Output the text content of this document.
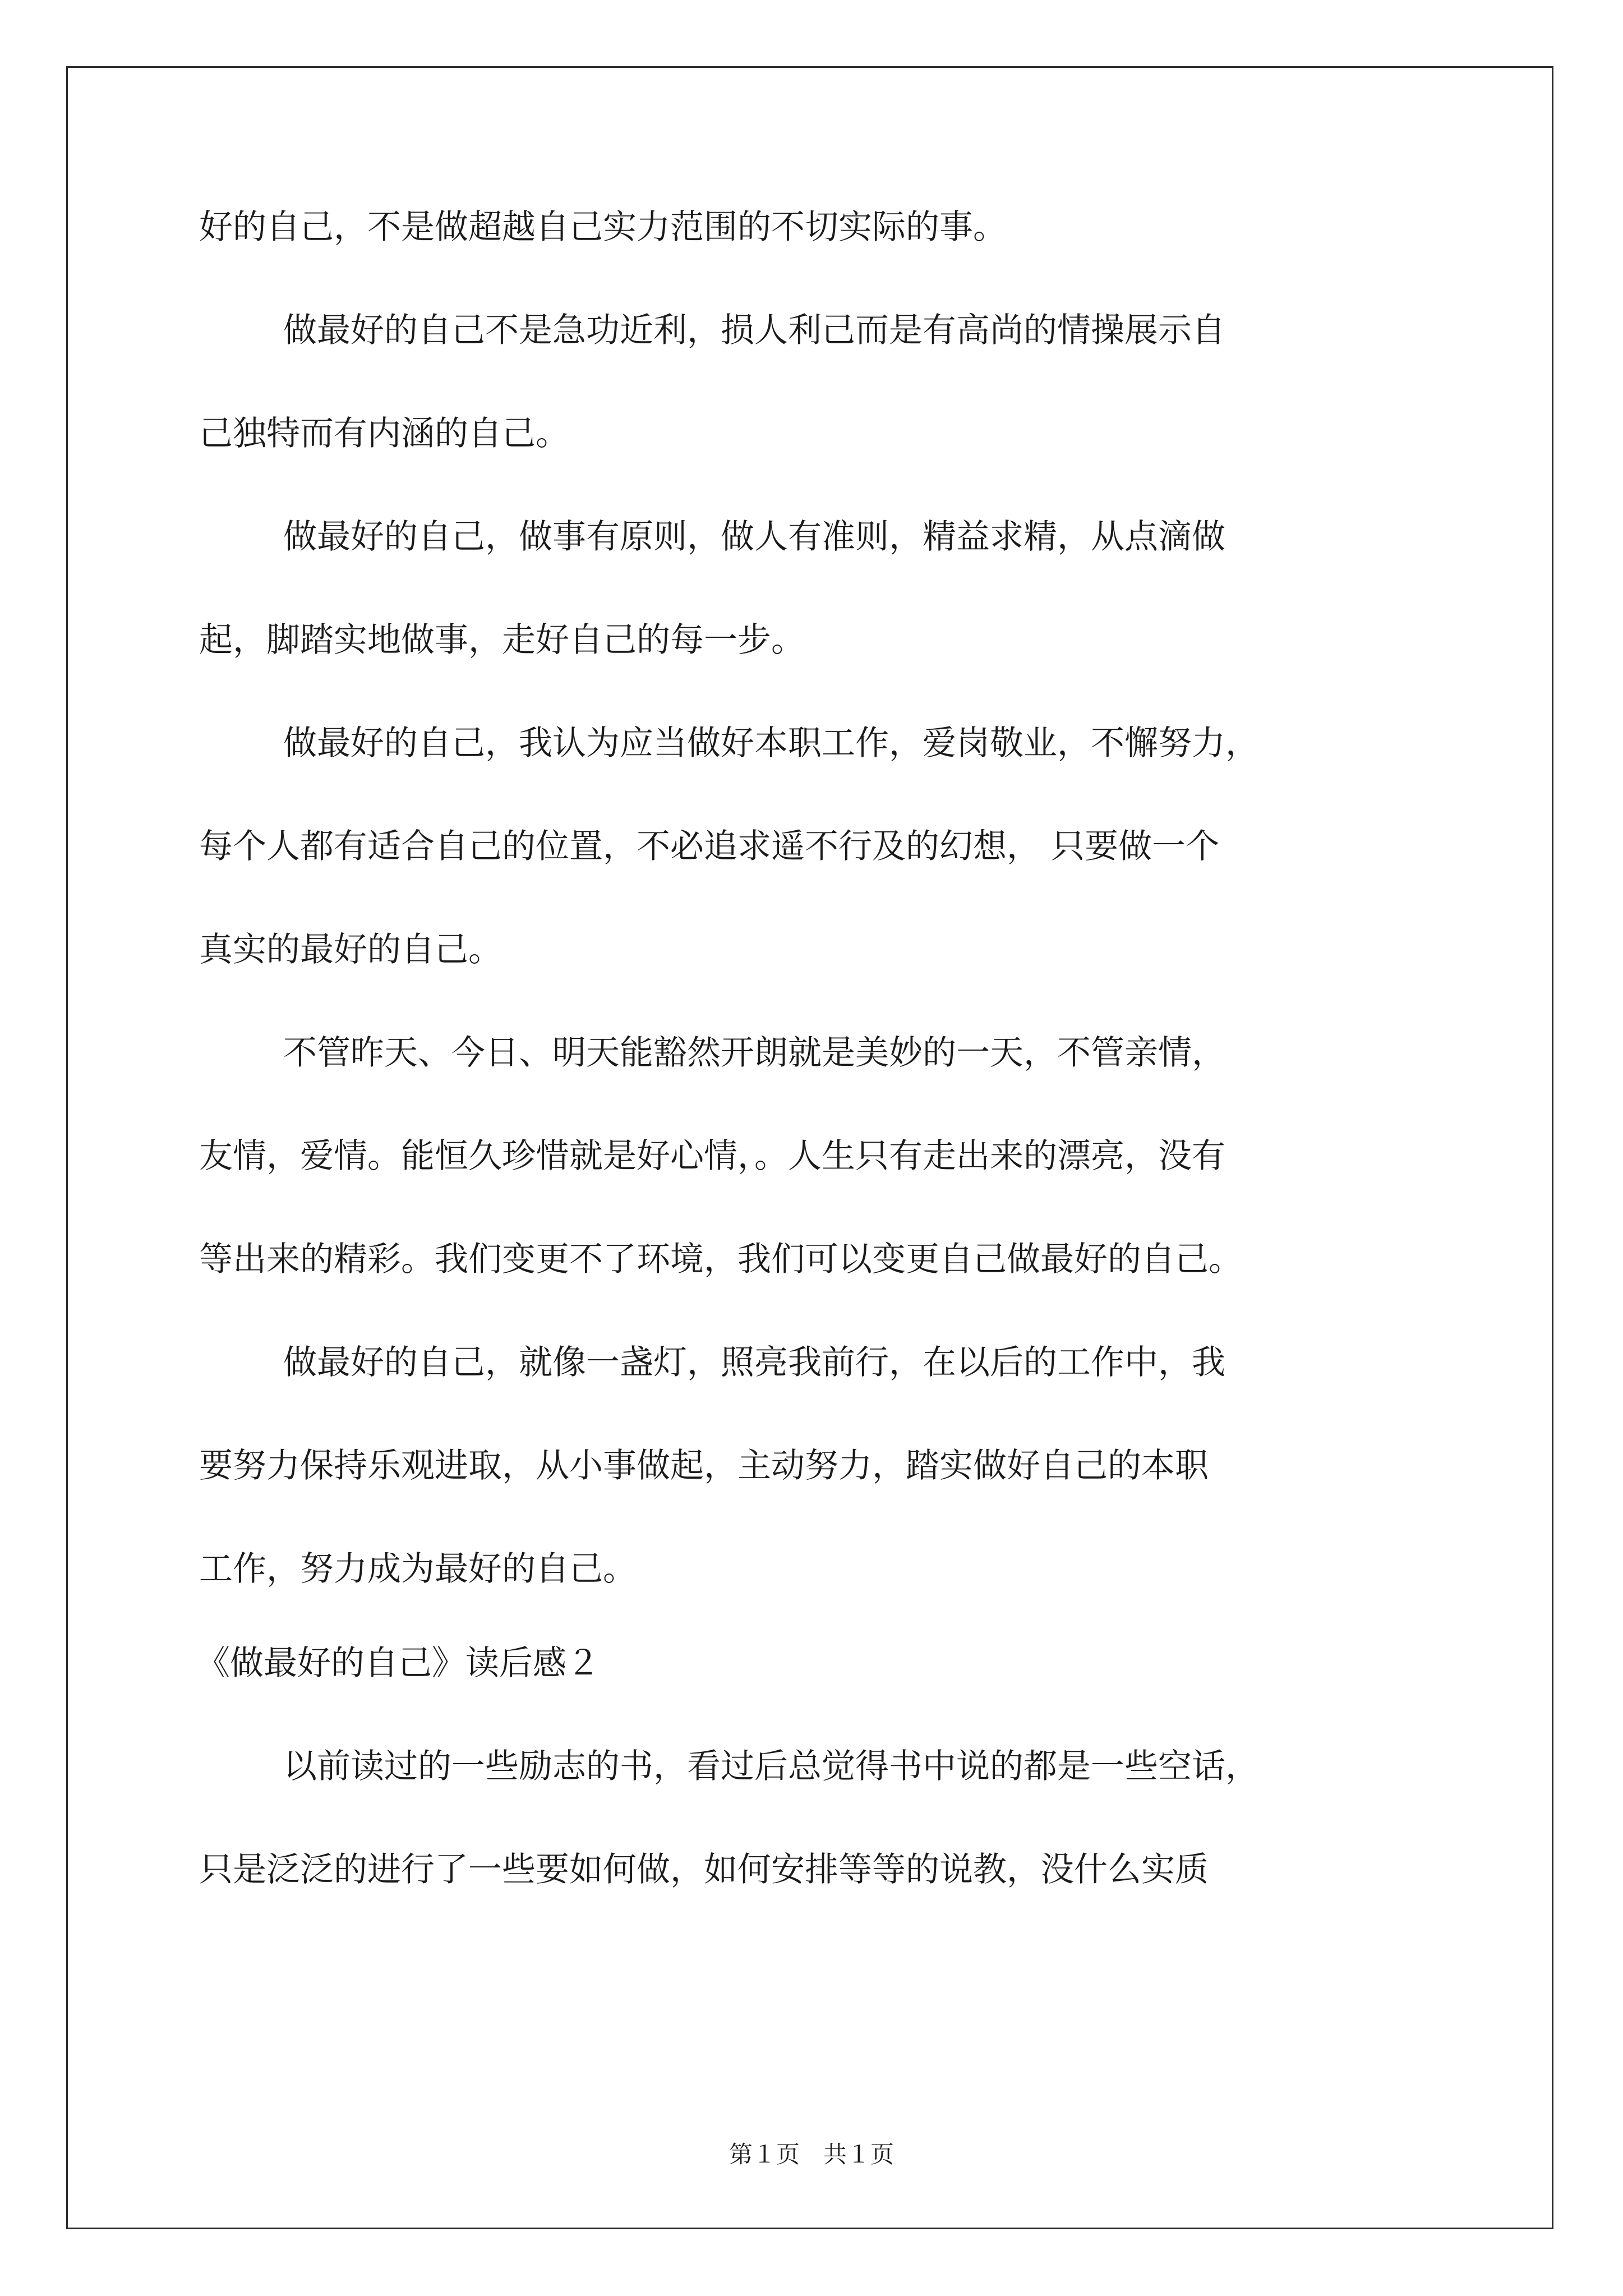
好的自己，不是做超越自己实力范围的不切实际的事。
做最好的自己不是急功近利，损人利己而是有高尚的情操展示自
己独特而有内涵的自己。
做最好的自己，做事有原则，做人有准则，精益求精，从点滴做
起，脚踏实地做事，走好自己的每一步。
做最好的自己，我认为应当做好本职工作，爱岗敬业，不懈努力，
每个人都有适合自己的位置，不必追求遥不行及的幻想， 只要做一个
真实的最好的自己。
不管昨天、今日、明天能豁然开朗就是美妙的一天，不管亲情，
友情，爱情。能恒久珍惜就是好心情，。人生只有走出来的漂亮，没有
等出来的精彩。我们变更不了环境，我们可以变更自己做最好的自己。
做最好的自己，就像一盏灯，照亮我前行，在以后的工作中，我
要努力保持乐观进取，从小事做起，主动努力，踏实做好自己的本职
工作，努力成为最好的自己。
《做最好的自己》读后感２
以前读过的一些励志的书，看过后总觉得书中说的都是一些空话，
只是泛泛的进行了一些要如何做，如何安排等等的说教，没什么实质
第１页　共１页
